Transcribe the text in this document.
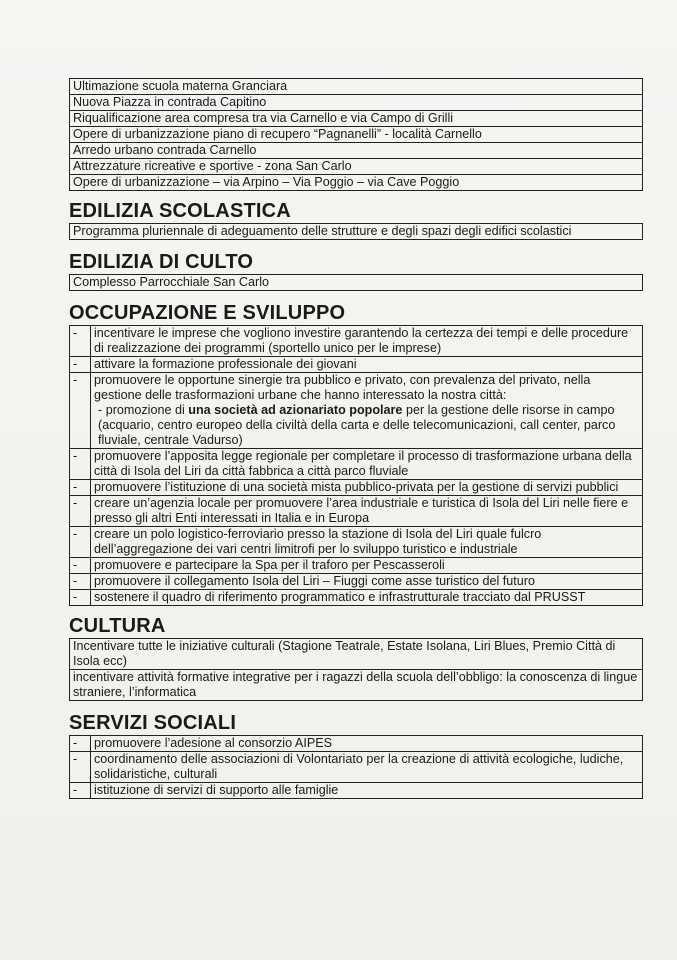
Ultimazione scuola materna Granciara
Nuova Piazza in contrada Capitino
Riqualificazione area compresa tra via Carnello e via Campo di Grilli
Opere di urbanizzazione piano di recupero “Pagnanelli” - località Carnello
Arredo urbano contrada Carnello
Attrezzature ricreative e sportive - zona San Carlo
Opere di urbanizzazione – via Arpino – Via Poggio – via Cave Poggio
EDILIZIA SCOLASTICA
Programma pluriennale di adeguamento delle strutture e degli spazi degli edifici scolastici
EDILIZIA DI CULTO
Complesso Parrocchiale San Carlo
OCCUPAZIONE E SVILUPPO
-	incentivare le imprese che vogliono investire garantendo la certezza dei tempi e delle procedure di realizzazione dei programmi (sportello unico per le imprese)
-	attivare la formazione professionale dei giovani
-	promuovere le opportune sinergie tra pubblico e privato, con prevalenza del privato, nella gestione delle trasformazioni urbane che hanno interessato la nostra città:
- promozione di una società ad azionariato popolare per la gestione delle risorse in campo (acquario, centro europeo della civiltà della carta e delle telecomunicazioni, call center, parco fluviale, centrale Vadurso)

-	promuovere l’apposita legge regionale per completare il processo di trasformazione urbana della città di Isola del Liri da città fabbrica a città parco fluviale
-	promuovere l’istituzione di una società mista pubblico-privata per la gestione di servizi pubblici
-	creare un’agenzia locale per promuovere l’area industriale e turistica di Isola del Liri nelle fiere e presso gli altri Enti interessati in Italia e in Europa
-	creare un polo logistico-ferroviario presso la stazione di Isola del Liri quale fulcro dell’aggregazione dei vari centri limitrofi per lo sviluppo turistico e industriale
-	promuovere e partecipare la Spa per il traforo per Pescasseroli
-	promuovere il collegamento Isola del Liri – Fiuggi come asse turistico del futuro
-	sostenere il quadro di riferimento programmatico e infrastrutturale tracciato dal PRUSST
CULTURA
Incentivare tutte le iniziative culturali (Stagione Teatrale, Estate Isolana, Liri Blues, Premio Città di Isola ecc)
incentivare attività formative integrative per i ragazzi della scuola dell’obbligo: la conoscenza di lingue straniere, l’informatica
SERVIZI SOCIALI
-	promuovere l’adesione al consorzio AIPES
-	coordinamento delle associazioni di Volontariato per la creazione di attività ecologiche, ludiche, solidaristiche, culturali
-	istituzione di servizi di supporto alle famiglie
